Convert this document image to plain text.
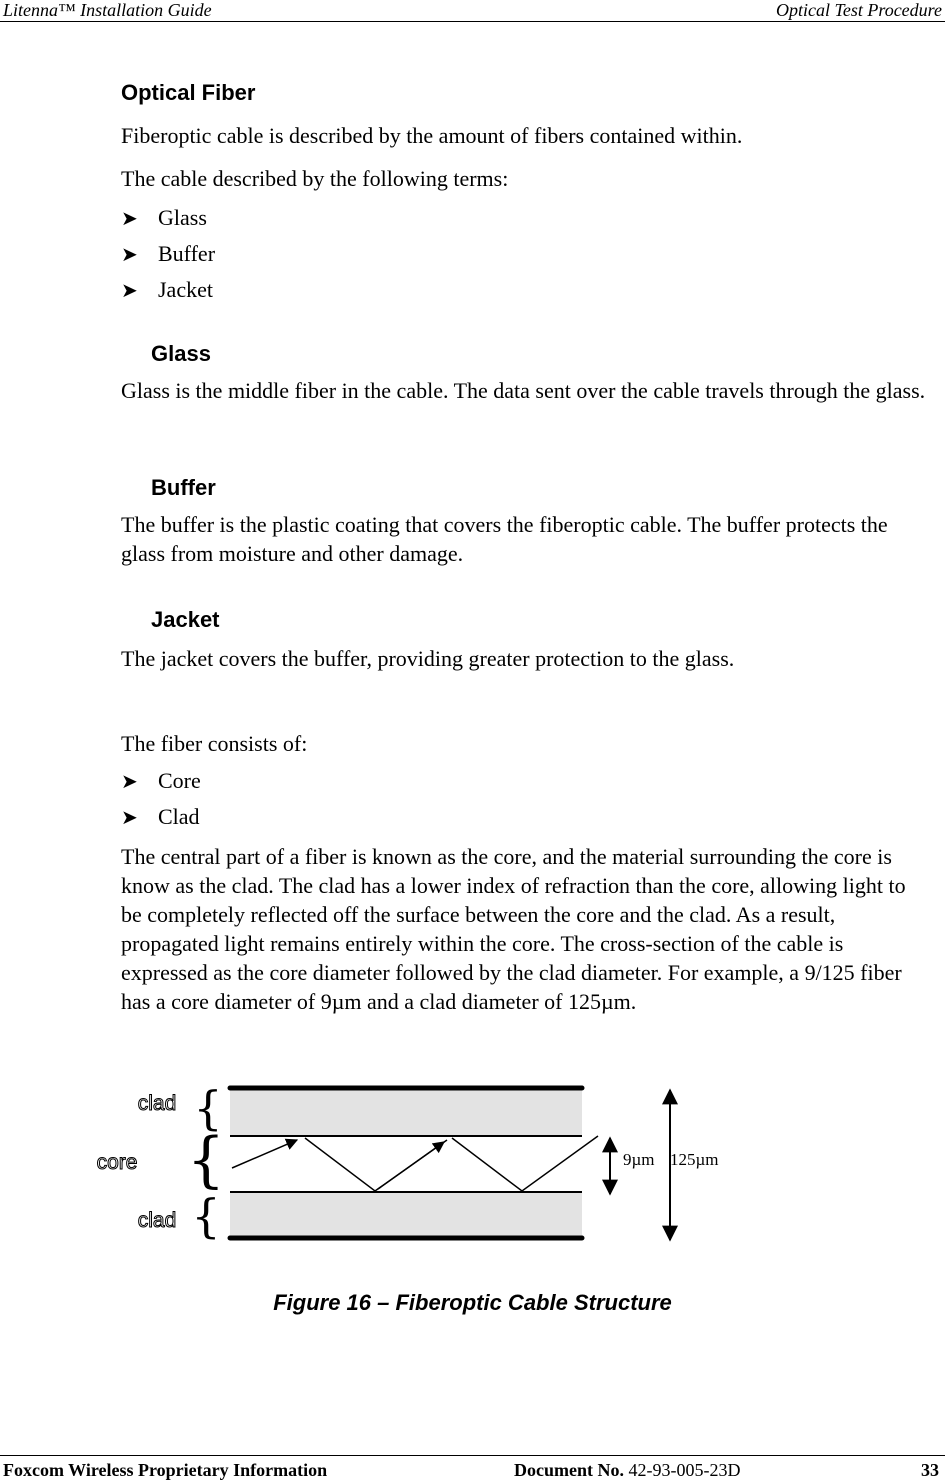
Litenna™ Installation Guide	Optical Test Procedure
Optical Fiber
Fiberoptic cable is described by the amount of fibers contained within.
The cable described by the following terms:
➤ Glass
➤ Buffer
➤ Jacket
Glass
Glass is the middle fiber in the cable. The data sent over the cable travels through the glass.
Buffer
The buffer is the plastic coating that covers the fiberoptic cable. The buffer protects the glass from moisture and other damage.
Jacket
The jacket covers the buffer, providing greater protection to the glass.
The fiber consists of:
➤ Core
➤ Clad
The central part of a fiber is known as the core, and the material surrounding the core is know as the clad. The clad has a lower index of refraction than the core, allowing light to be completely reflected off the surface between the core and the clad. As a result, propagated light remains entirely within the core. The cross-section of the cable is expressed as the core diameter followed by the clad diameter. For example, a 9/125 fiber has a core diameter of 9µm and a clad diameter of 125µm.
{
{
{
clad
core
clad
9µm 125µm
Figure 16 – Fiberoptic Cable Structure
Foxcom Wireless Proprietary Information	Document No. 42-93-005-23D	33
